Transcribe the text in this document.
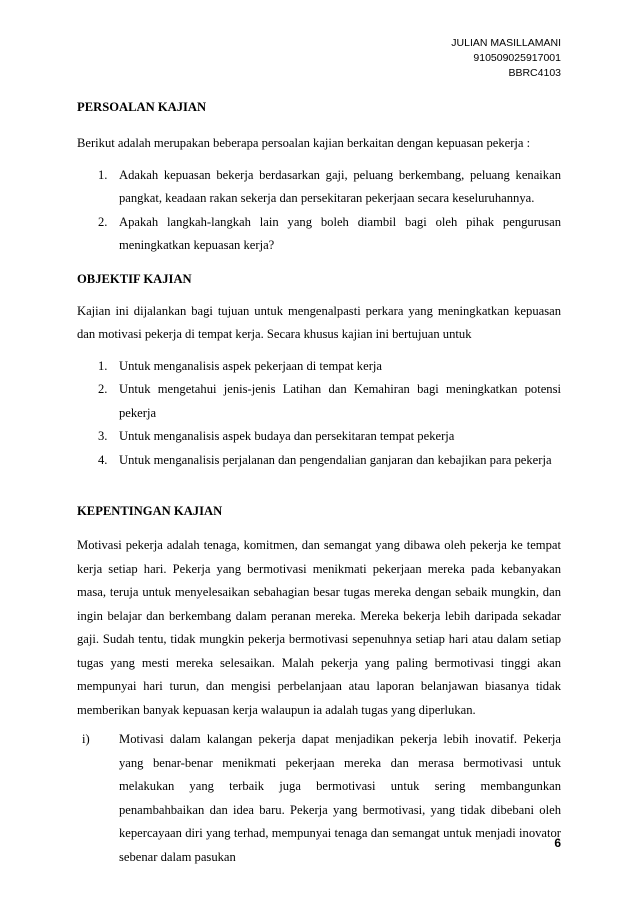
JULIAN MASILLAMANI
910509025917001
BBRC4103
PERSOALAN KAJIAN

Berikut adalah merupakan beberapa persoalan kajian berkaitan dengan kepuasan pekerja :

1. Adakah kepuasan bekerja berdasarkan gaji, peluang berkembang, peluang kenaikan pangkat, keadaan rakan sekerja dan persekitaran pekerjaan secara keseluruhannya.
2. Apakah langkah-langkah lain yang boleh diambil bagi oleh pihak pengurusan meningkatkan kepuasan kerja?
OBJEKTIF KAJIAN

Kajian ini dijalankan bagi tujuan untuk mengenalpasti perkara yang meningkatkan kepuasan dan motivasi pekerja di tempat kerja. Secara khusus kajian ini bertujuan untuk

1. Untuk menganalisis aspek pekerjaan di tempat kerja
2. Untuk mengetahui jenis-jenis Latihan dan Kemahiran bagi meningkatkan potensi pekerja
3. Untuk menganalisis aspek budaya dan persekitaran tempat pekerja
4. Untuk menganalisis perjalanan dan pengendalian ganjaran dan kebajikan para pekerja
KEPENTINGAN KAJIAN

Motivasi pekerja adalah tenaga, komitmen, dan semangat yang dibawa oleh pekerja ke tempat kerja setiap hari. Pekerja yang bermotivasi menikmati pekerjaan mereka pada kebanyakan masa, teruja untuk menyelesaikan sebahagian besar tugas mereka dengan sebaik mungkin, dan ingin belajar dan berkembang dalam peranan mereka. Mereka bekerja lebih daripada sekadar gaji. Sudah tentu, tidak mungkin pekerja bermotivasi sepenuhnya setiap hari atau dalam setiap tugas yang mesti mereka selesaikan. Malah pekerja yang paling bermotivasi tinggi akan mempunyai hari turun, dan mengisi perbelanjaan atau laporan belanjawan biasanya tidak memberikan banyak kepuasan kerja walaupun ia adalah tugas yang diperlukan.

i) Motivasi dalam kalangan pekerja dapat menjadikan pekerja lebih inovatif. Pekerja yang benar-benar menikmati pekerjaan mereka dan merasa bermotivasi untuk melakukan yang terbaik juga bermotivasi untuk sering membangunkan penambahbaikan dan idea baru. Pekerja yang bermotivasi, yang tidak dibebani oleh kepercayaan diri yang terhad, mempunyai tenaga dan semangat untuk menjadi inovator sebenar dalam pasukan
6
